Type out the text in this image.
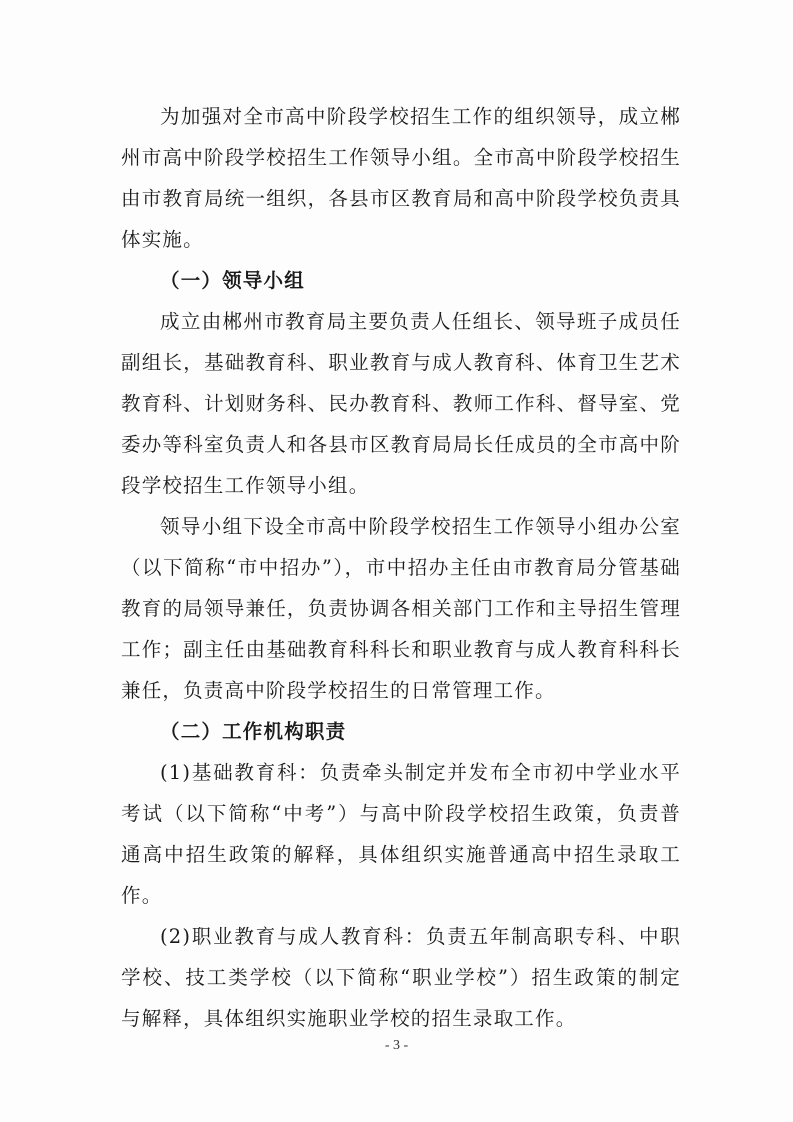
为加强对全市高中阶段学校招生工作的组织领导，成立郴州市高中阶段学校招生工作领导小组。全市高中阶段学校招生由市教育局统一组织，各县市区教育局和高中阶段学校负责具体实施。

（一）领导小组

成立由郴州市教育局主要负责人任组长、领导班子成员任副组长，基础教育科、职业教育与成人教育科、体育卫生艺术教育科、计划财务科、民办教育科、教师工作科、督导室、党委办等科室负责人和各县市区教育局局长任成员的全市高中阶段学校招生工作领导小组。

领导小组下设全市高中阶段学校招生工作领导小组办公室（以下简称“市中招办”），市中招办主任由市教育局分管基础教育的局领导兼任，负责协调各相关部门工作和主导招生管理工作；副主任由基础教育科科长和职业教育与成人教育科科长兼任，负责高中阶段学校招生的日常管理工作。

（二）工作机构职责

(1)基础教育科：负责牵头制定并发布全市初中学业水平考试（以下简称“中考”）与高中阶段学校招生政策，负责普通高中招生政策的解释，具体组织实施普通高中招生录取工作。

(2)职业教育与成人教育科：负责五年制高职专科、中职学校、技工类学校（以下简称“职业学校”）招生政策的制定与解释，具体组织实施职业学校的招生录取工作。

- 3 -
